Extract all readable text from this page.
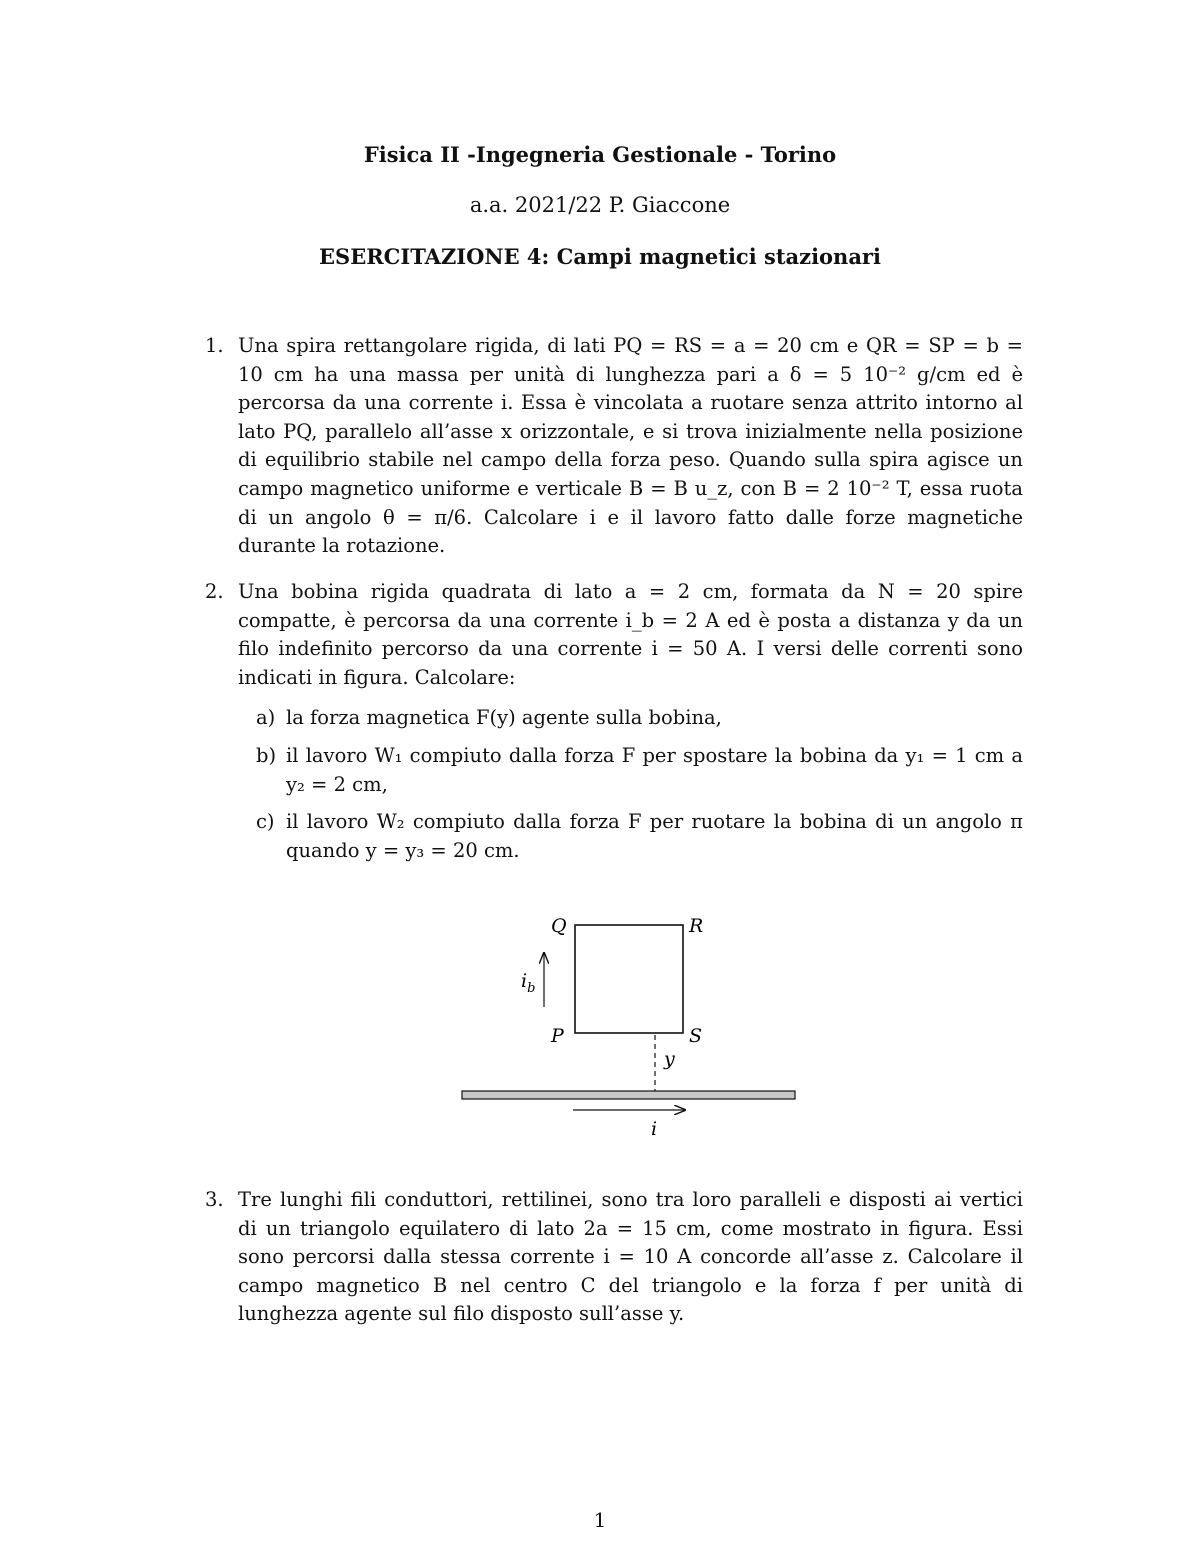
Fisica II -Ingegneria Gestionale - Torino
a.a. 2021/22 P. Giaccone
ESERCITAZIONE 4: Campi magnetici stazionari
1. Una spira rettangolare rigida, di lati PQ = RS = a = 20 cm e QR = SP = b = 10 cm ha una massa per unità di lunghezza pari a δ = 5 10⁻² g/cm ed è percorsa da una corrente i. Essa è vincolata a ruotare senza attrito intorno al lato PQ, parallelo all’asse x orizzontale, e si trova inizialmente nella posizione di equilibrio stabile nel campo della forza peso. Quando sulla spira agisce un campo magnetico uniforme e verticale B = B u_z, con B = 2 10⁻² T, essa ruota di un angolo θ = π/6. Calcolare i e il lavoro fatto dalle forze magnetiche durante la rotazione.
2. Una bobina rigida quadrata di lato a = 2 cm, formata da N = 20 spire compatte, è percorsa da una corrente i_b = 2 A ed è posta a distanza y da un filo indefinito percorso da una corrente i = 50 A. I versi delle correnti sono indicati in figura. Calcolare:
a) la forza magnetica F(y) agente sulla bobina,
b) il lavoro W₁ compiuto dalla forza F per spostare la bobina da y₁ = 1 cm a y₂ = 2 cm,
c) il lavoro W₂ compiuto dalla forza F per ruotare la bobina di un angolo π quando y = y₃ = 20 cm.
Q	R
P	S
$i_b$
y
i
3. Tre lunghi fili conduttori, rettilinei, sono tra loro paralleli e disposti ai vertici di un triangolo equilatero di lato 2a = 15 cm, come mostrato in figura. Essi sono percorsi dalla stessa corrente i = 10 A concorde all’asse z. Calcolare il campo magnetico B nel centro C del triangolo e la forza f per unità di lunghezza agente sul filo disposto sull’asse y.
1
